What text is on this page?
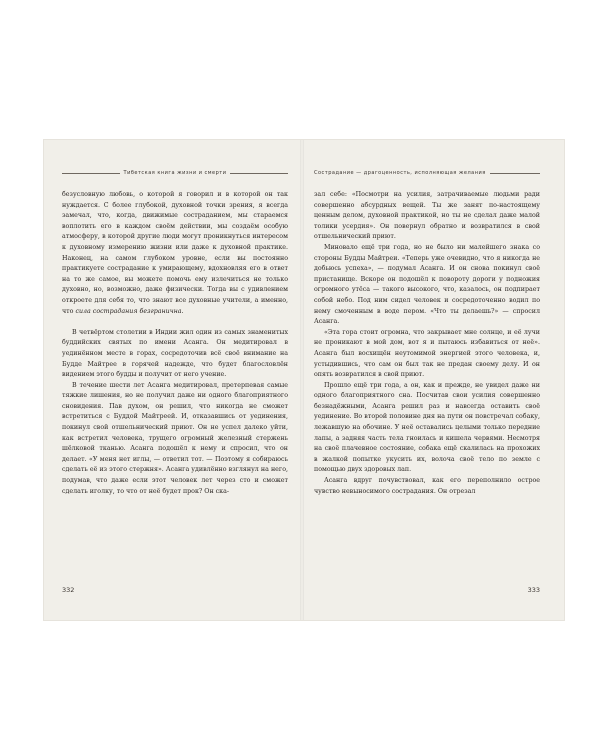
Тибетская книга жизни и смерти

безусловную любовь, о которой я говорил и в которой он так нуждается. С более глубокой, духовной точки зрения, я всегда замечал, что, когда, движимые состраданием, мы стараемся воплотить его в каждом своём действии, мы создаём особую атмосферу, в которой другие люди могут проникнуться интересом к духовному измерению жизни или даже к духовной практике. Наконец, на самом глубоком уровне, если вы постоянно практикуете сострадание к умирающему, вдохновляя его в ответ на то же самое, вы можете помочь ему излечиться не только духовно, но, возможно, даже физически. Тогда вы с удивлением откроете для себя то, что знают все духовные учители, а именно, что сила сострадания безгранична.

В четвёртом столетии в Индии жил один из самых знаменитых буддийских святых по имени Асанга. Он медитировал в уединённом месте в горах, сосредоточив всё своё внимание на Будде Майтрее в горячей надежде, что будет благословлён видением этого будды и получит от него учение.

В течение шести лет Асанга медитировал, претерпевая самые тяжкие лишения, но не получил даже ни одного благоприятного сновидения. Пав духом, он решил, что никогда не сможет встретиться с Буддой Майтреей. И, отказавшись от уединения, покинул свой отшельнический приют. Он не успел далеко уйти, как встретил человека, трущего огромный железный стержень шёлковой тканью. Асанга подошёл к нему и спросил, что он делает. «У меня нет иглы, — ответил тот. — Поэтому я собираюсь сделать её из этого стержня». Асанга удивлённо взглянул на него, подумав, что даже если этот человек лет через сто и сможет сделать иголку, то что от неё будет прок? Он ска-

332
Сострадание — драгоценность, исполняющая желания

зал себе: «Посмотри на усилия, затрачиваемые людьми ради совершенно абсурдных вещей. Ты же занят по-настоящему ценным делом, духовной практикой, но ты не сделал даже малой толики усердия». Он повернул обратно и возвратился в свой отшельнический приют.

Миновало ещё три года, но не было ни малейшего знака со стороны Будды Майтреи. «Теперь уже очевидно, что я никогда не добьюсь успеха», — подумал Асанга. И он снова покинул своё пристанище. Вскоре он подошёл к повороту дороги у подножия огромного утёса — такого высокого, что, казалось, он подпирает собой небо. Под ним сидел человек и сосредоточенно водил по нему смоченным в воде пером. «Что ты делаешь?» — спросил Асанга.

«Эта гора стоит огромна, что закрывает мне солнце, и её лучи не проникают в мой дом, вот я и пытаюсь избавиться от неё». Асанга был восхищён неутомимой энергией этого человека, и, устыдившись, что сам он был так не предан своему делу. И он опять возвратился в свой приют.

Прошло ещё три года, а он, как и прежде, не увидел даже ни одного благоприятного сна. Посчитав свои усилия совершенно безнадёжными, Асанга решил раз и навсегда оставить своё уединение. Во второй половине дня на пути он повстречал собаку, лежавшую на обочине. У неё оставались целыми только передние лапы, а задняя часть тела гноилась и кишела червями. Несмотря на своё плачевное состояние, собака ещё скалилась на прохожих в жалкой попытке укусить их, волоча своё тело по земле с помощью двух здоровых лап.

Асанга вдруг почувствовал, как его переполнило острое чувство невыносимого сострадания. Он отрезал

333
